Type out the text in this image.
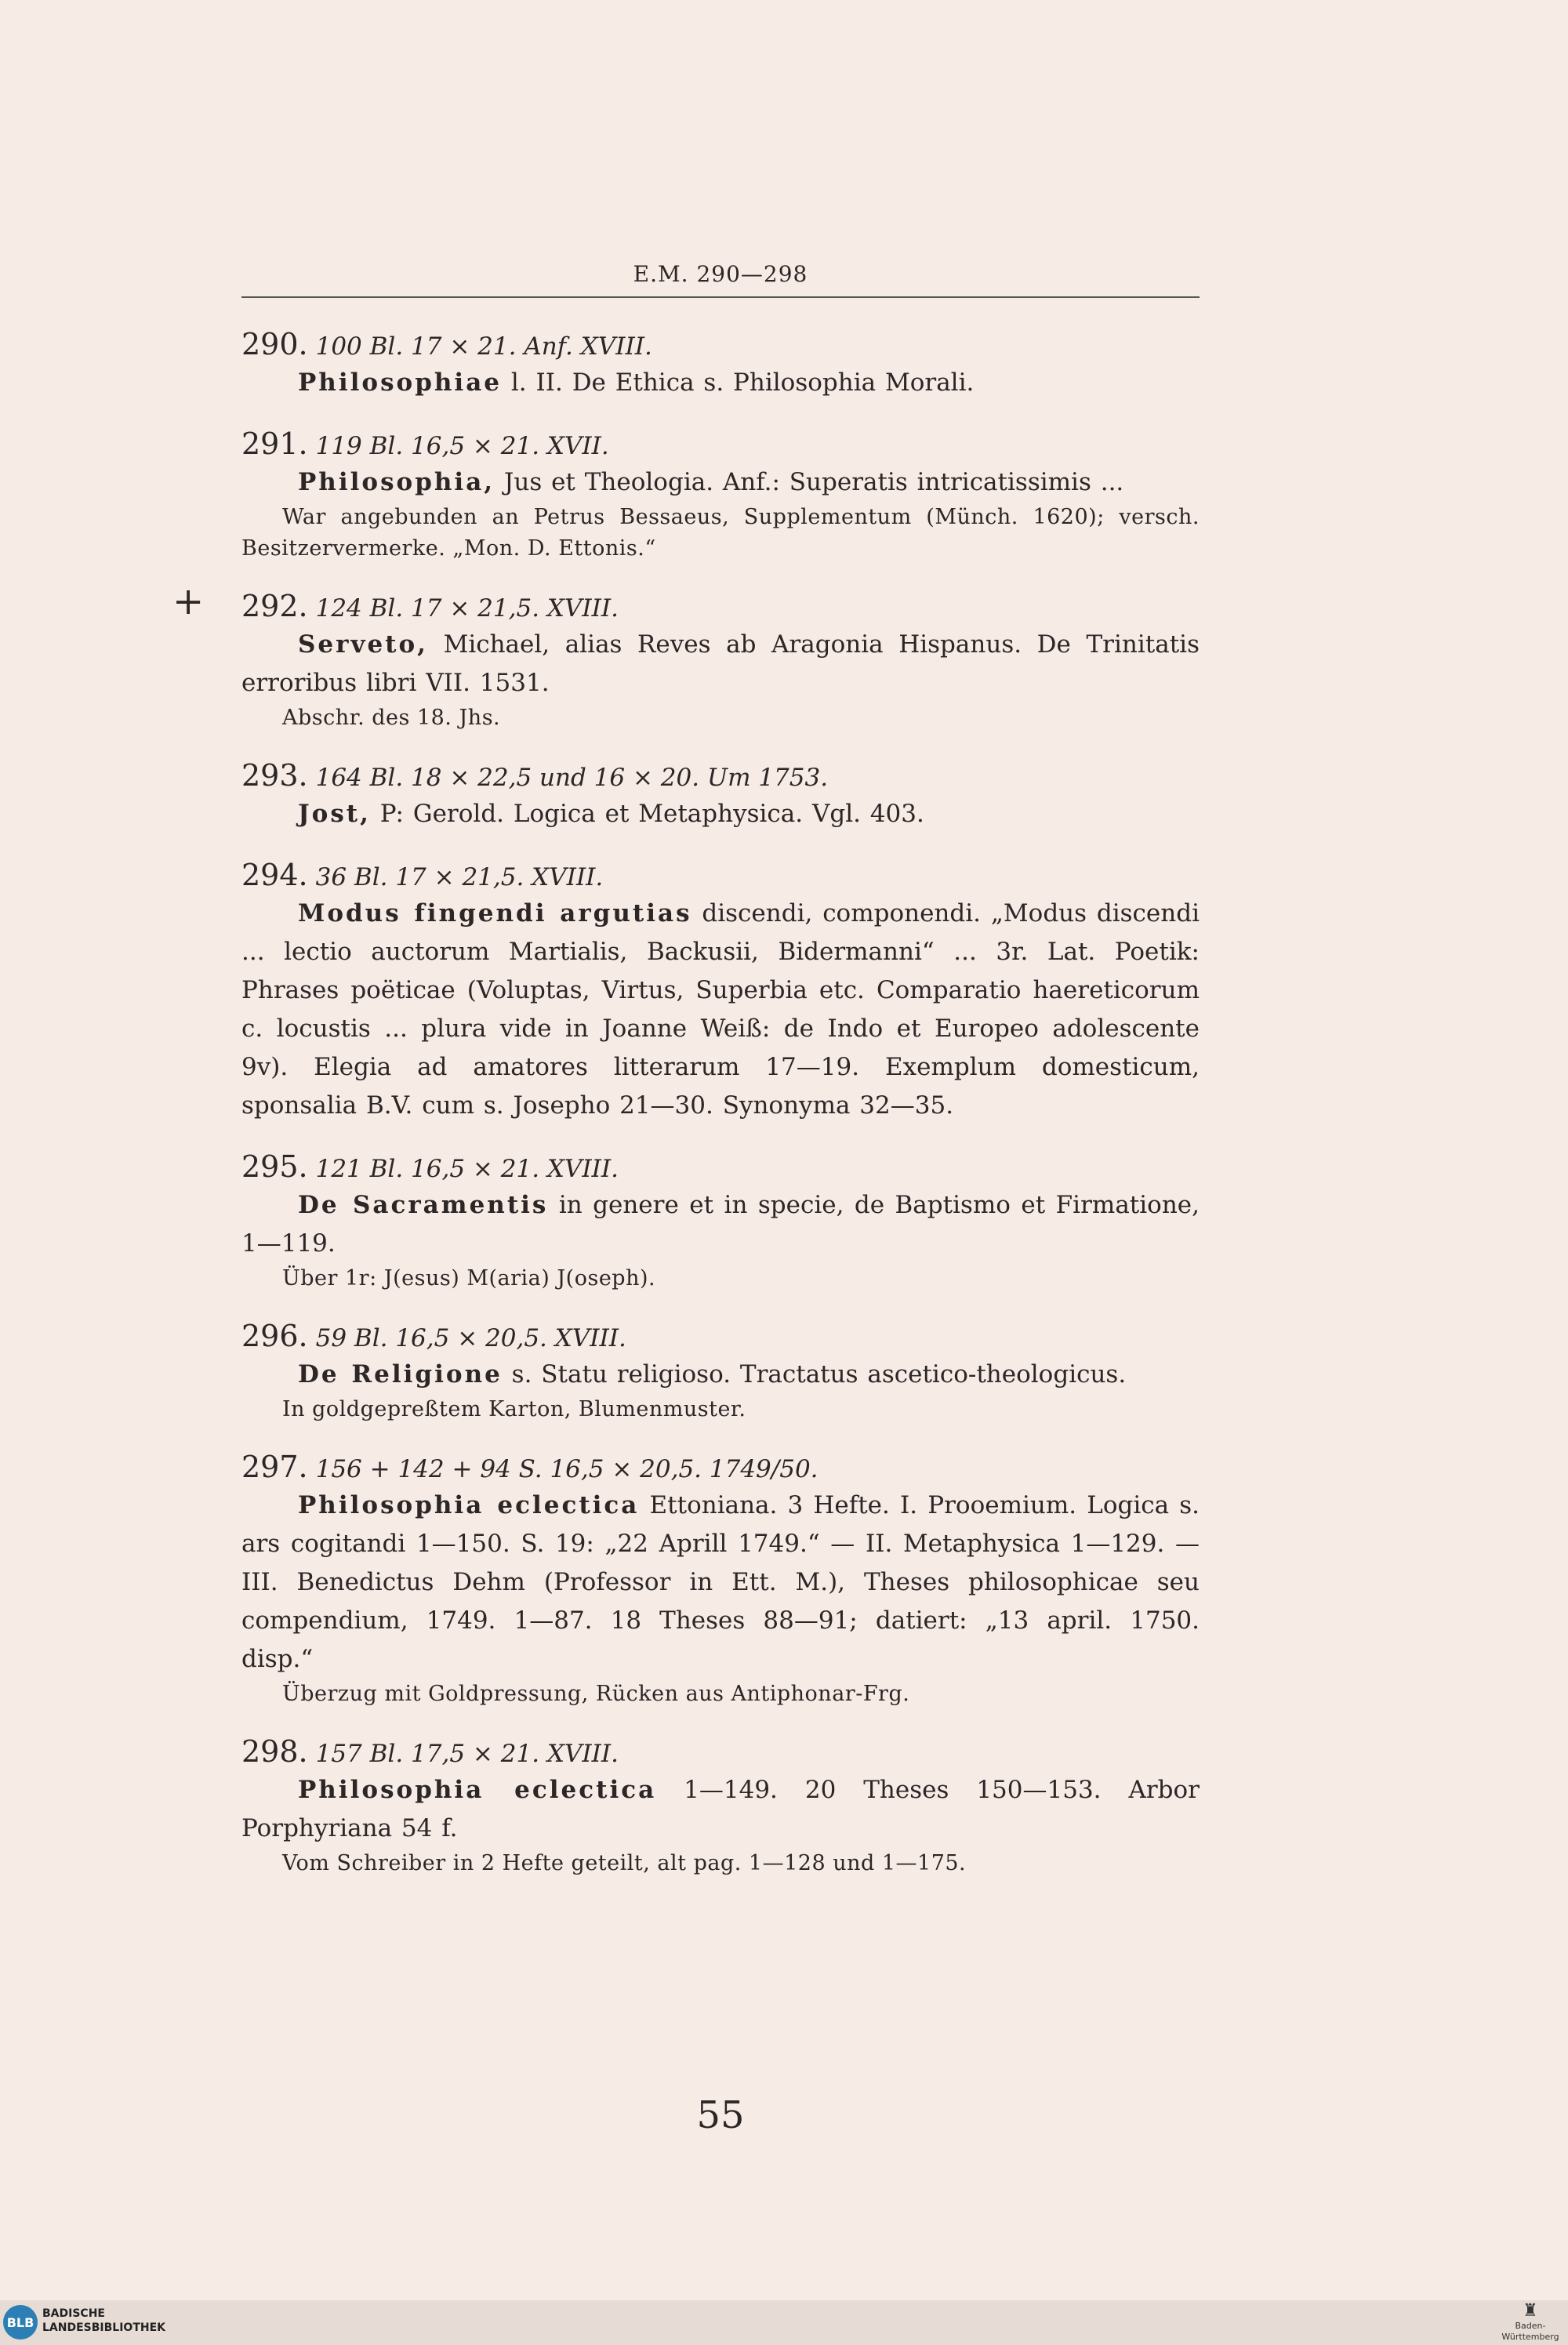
E.M. 290—298
290. 100 Bl. 17 × 21. Anf. XVIII.

Philosophiae l. II. De Ethica s. Philosophia Morali.

291. 119 Bl. 16,5 × 21. XVII.

Philosophia, Jus et Theologia. Anf.: Superatis intricatissimis ...

War angebunden an Petrus Bessaeus, Supplementum (Münch. 1620); versch. Besitzervermerke. „Mon. D. Ettonis.“

+ 292. 124 Bl. 17 × 21,5. XVIII.

Serveto, Michael, alias Reves ab Aragonia Hispanus. De Trinitatis erroribus libri VII. 1531.

Abschr. des 18. Jhs.

293. 164 Bl. 18 × 22,5 und 16 × 20. Um 1753.

Jost, P: Gerold. Logica et Metaphysica. Vgl. 403.

294. 36 Bl. 17 × 21,5. XVIII.

Modus fingendi argutias discendi, componendi. „Modus discendi ... lectio auctorum Martialis, Backusii, Bidermanni“ ... 3r. Lat. Poetik: Phrases poëticae (Voluptas, Virtus, Superbia etc. Comparatio haereticorum c. locustis ... plura vide in Joanne Weiß: de Indo et Europeo adolescente 9v). Elegia ad amatores litterarum 17—19. Exemplum domesticum, sponsalia B.V. cum s. Josepho 21—30. Synonyma 32—35.

295. 121 Bl. 16,5 × 21. XVIII.

De Sacramentis in genere et in specie, de Baptismo et Firmatione, 1—119.

Über 1r: J(esus) M(aria) J(oseph).

296. 59 Bl. 16,5 × 20,5. XVIII.

De Religione s. Statu religioso. Tractatus ascetico-theologicus.

In goldgepreßtem Karton, Blumenmuster.

297. 156 + 142 + 94 S. 16,5 × 20,5. 1749/50.

Philosophia eclectica Ettoniana. 3 Hefte. I. Prooemium. Logica s. ars cogitandi 1—150. S. 19: „22 Aprill 1749.“ — II. Metaphysica 1—129. — III. Benedictus Dehm (Professor in Ett. M.), Theses philosophicae seu compendium, 1749. 1—87. 18 Theses 88—91; datiert: „13 april. 1750. disp.“

Überzug mit Goldpressung, Rücken aus Antiphonar-Frg.

298. 157 Bl. 17,5 × 21. XVIII.

Philosophia eclectica 1—149. 20 Theses 150—153. Arbor Porphyriana 54 f.

Vom Schreiber in 2 Hefte geteilt, alt pag. 1—128 und 1—175.

55
BLB
BADISCHE
LANDESBIBLIOTHEK
♜
Baden-Württemberg
